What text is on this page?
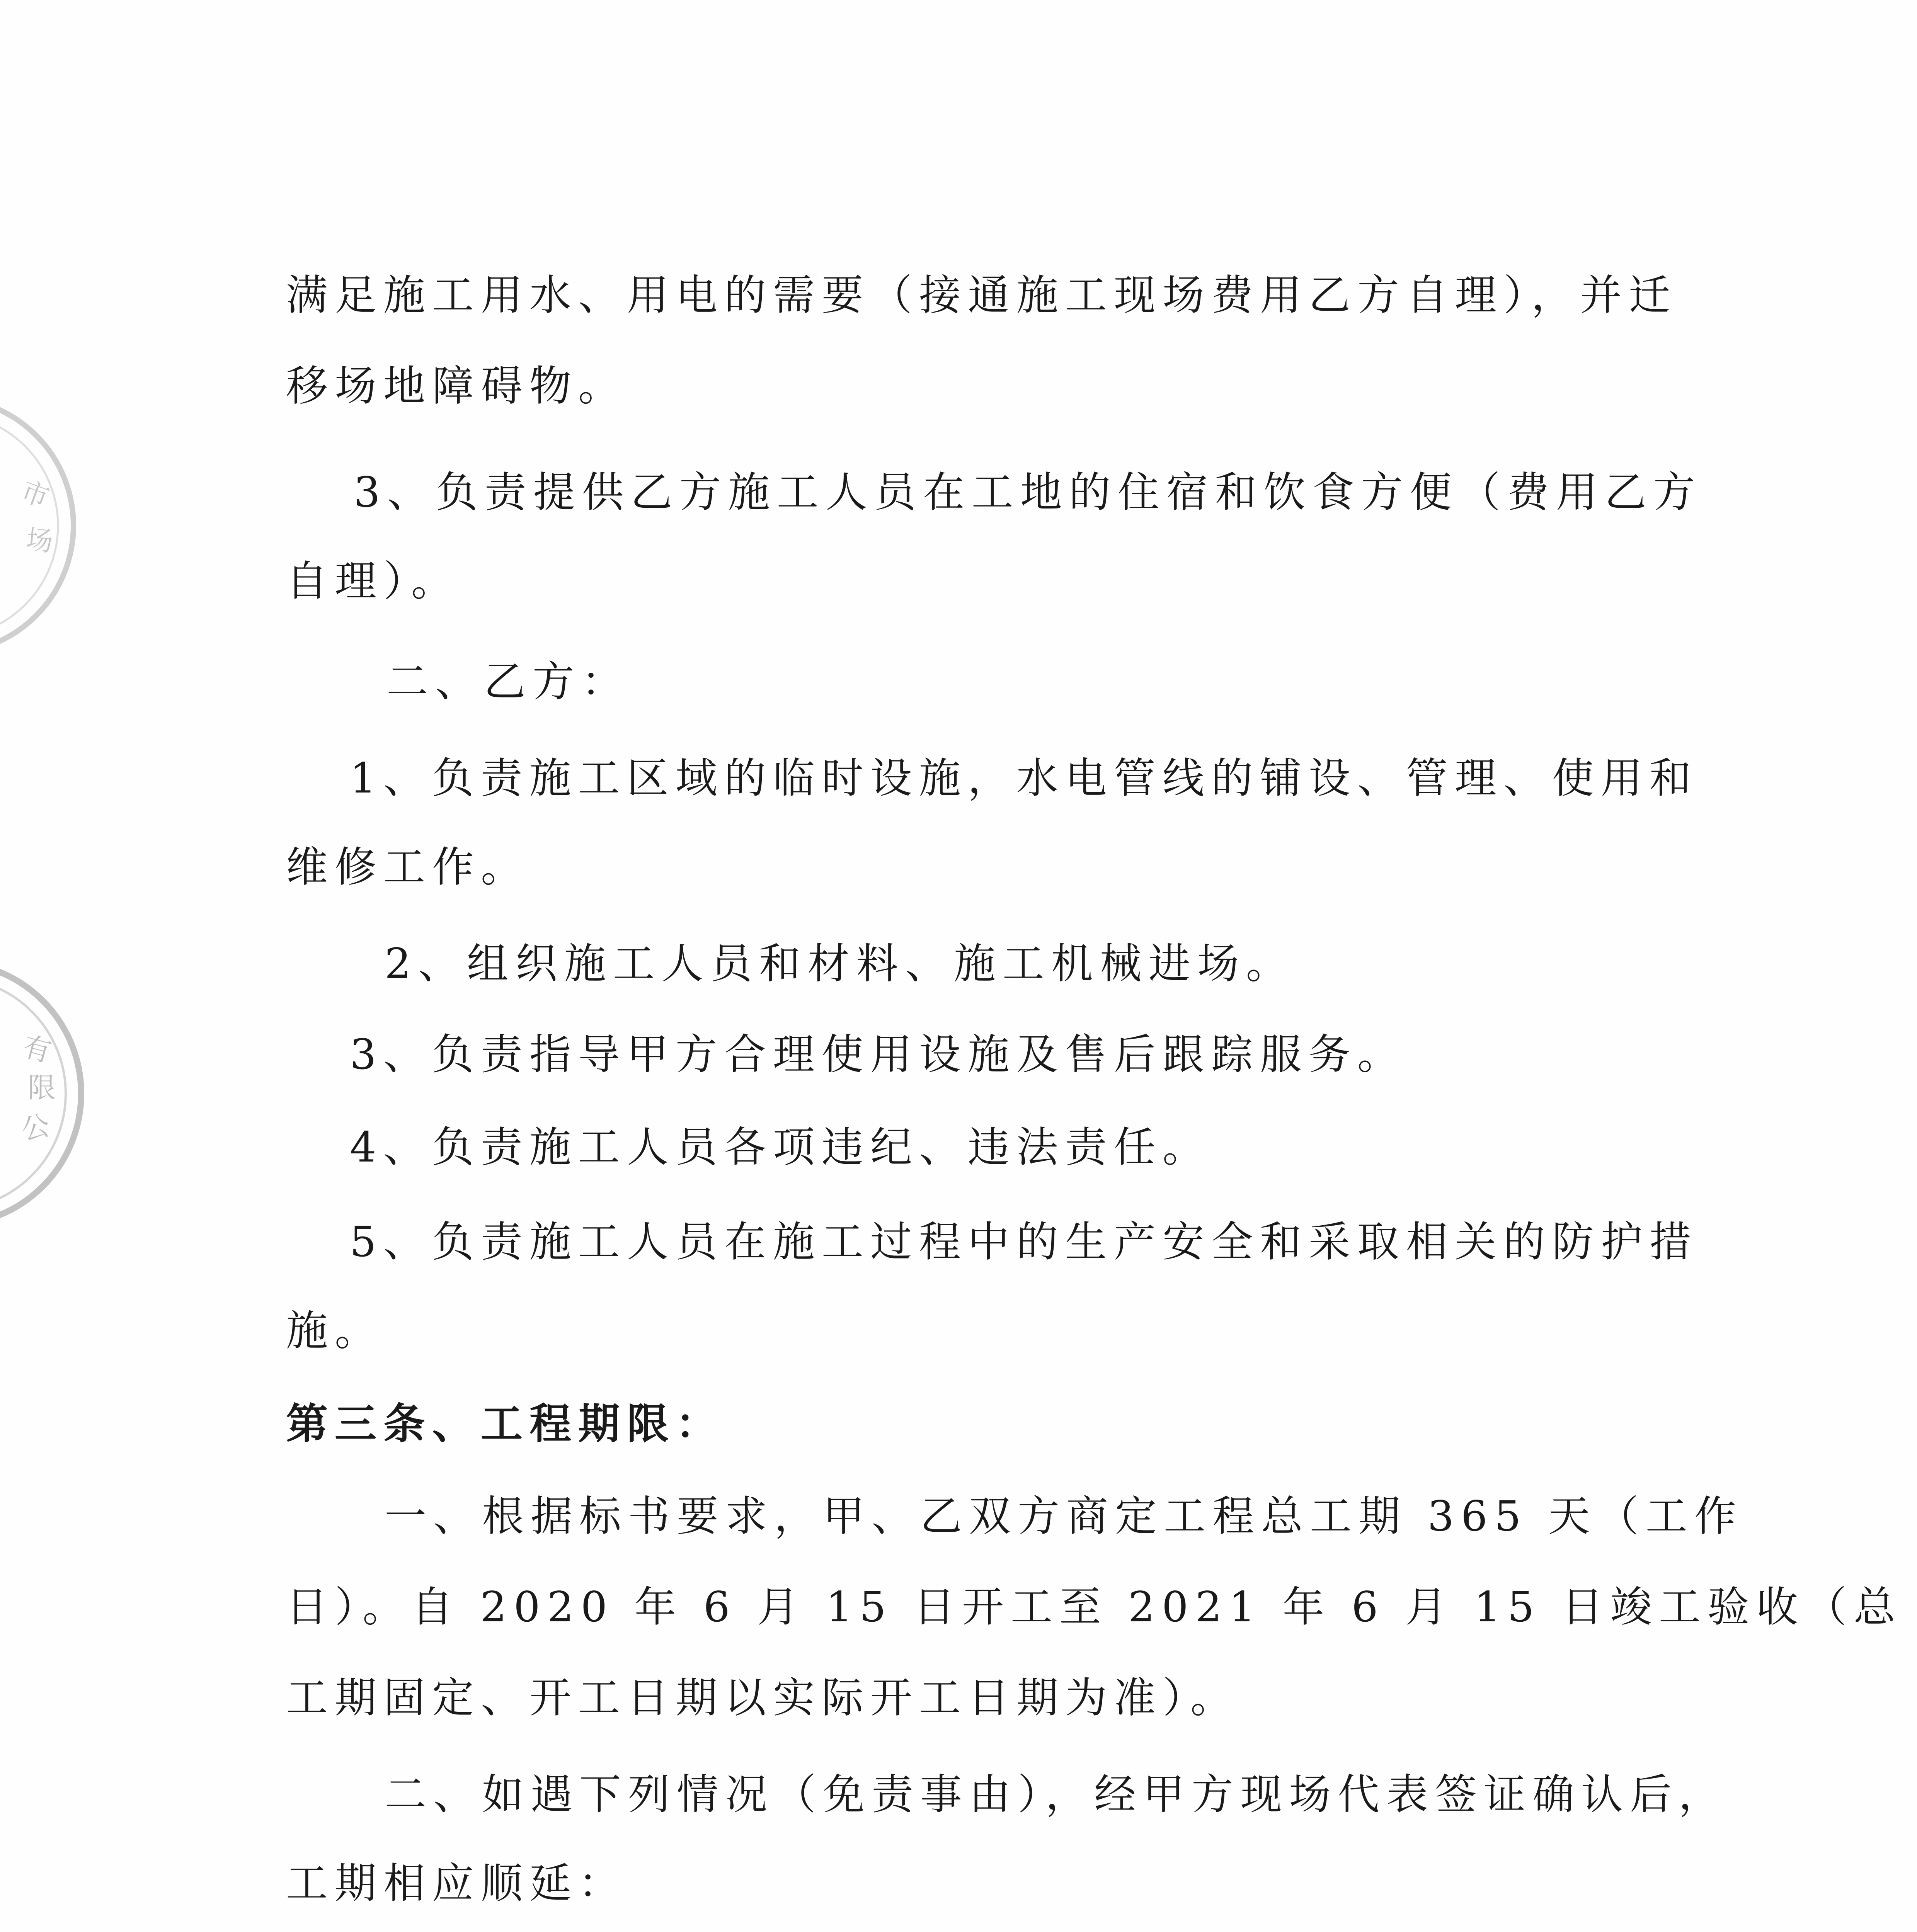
市
场
有
限
公
满足施工用水、用电的需要（接通施工现场费用乙方自理），并迁
移场地障碍物。
3、负责提供乙方施工人员在工地的住宿和饮食方便（费用乙方
自理）。
二、乙方：
1、负责施工区域的临时设施，水电管线的铺设、管理、使用和
维修工作。
2、组织施工人员和材料、施工机械进场。
3、负责指导甲方合理使用设施及售后跟踪服务。
4、负责施工人员各项违纪、违法责任。
5、负责施工人员在施工过程中的生产安全和采取相关的防护措
施。
第三条、工程期限：
一、根据标书要求，甲、乙双方商定工程总工期 365 天（工作
日）。自 2020 年 6 月 15 日开工至 2021 年 6 月 15 日竣工验收（总
工期固定、开工日期以实际开工日期为准）。
二、如遇下列情况（免责事由），经甲方现场代表签证确认后，
工期相应顺延：
